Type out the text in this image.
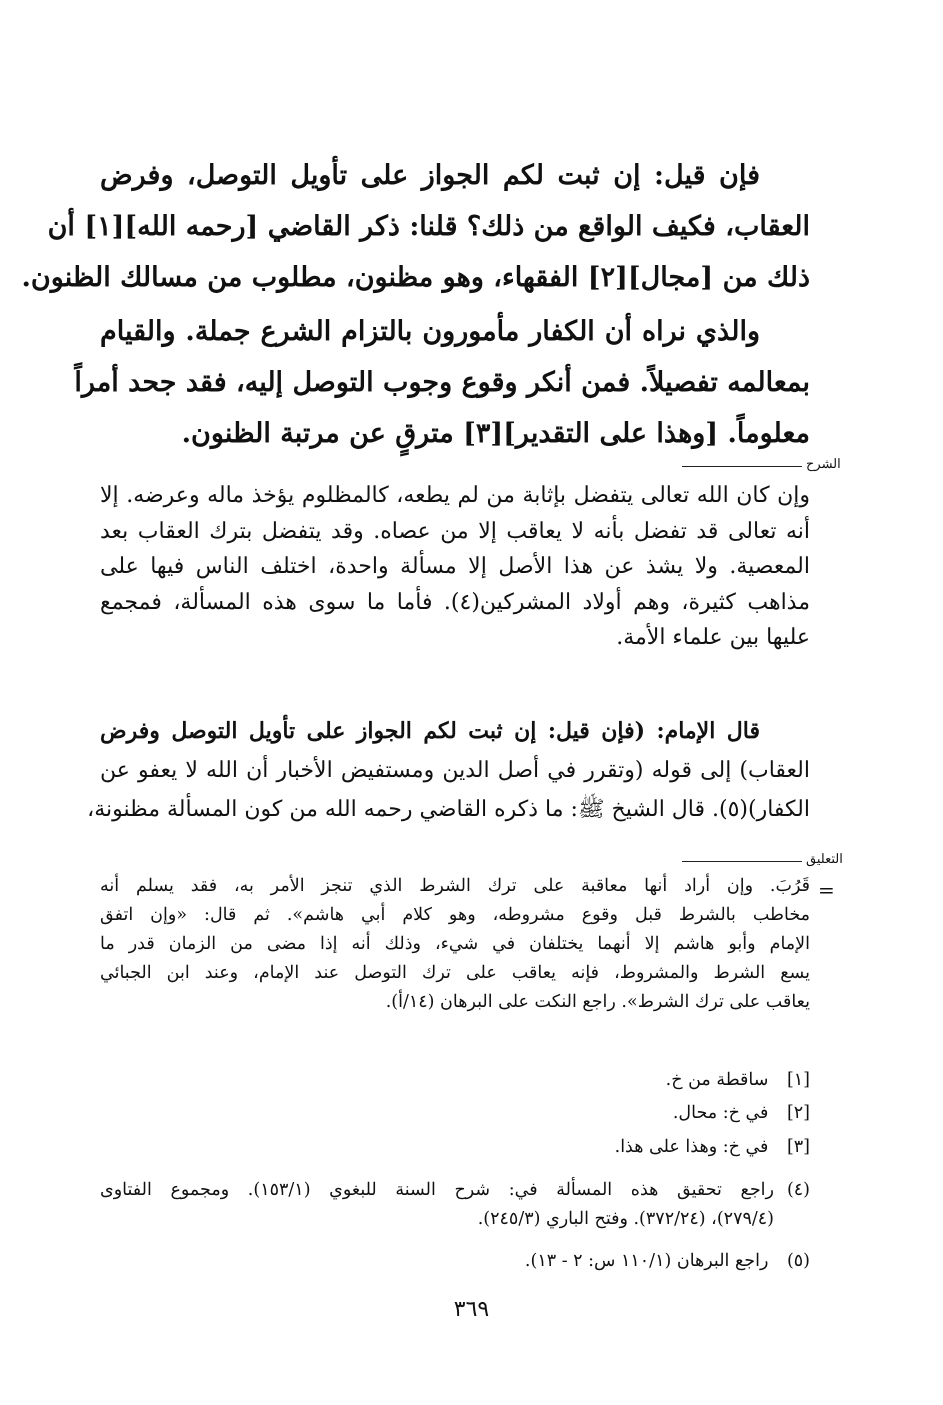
فإن قيل: إن ثبت لكم الجواز على تأويل التوصل، وفرض
العقاب، فكيف الواقع من ذلك؟ قلنا: ذكر القاضي [رحمه الله][١] أن
ذلك من [مجال][٢] الفقهاء، وهو مظنون، مطلوب من مسالك الظنون.
والذي نراه أن الكفار مأمورون بالتزام الشرع جملة. والقيام
بمعالمه تفصيلاً. فمن أنكر وقوع وجوب التوصل إليه، فقد جحد أمراً
معلوماً. [وهذا على التقدير][٣] مترقٍ عن مرتبة الظنون.
الشرح
وإن كان الله تعالى يتفضل بإثابة من لم يطعه، كالمظلوم يؤخذ ماله وعرضه. إلا
أنه تعالى قد تفضل بأنه لا يعاقب إلا من عصاه. وقد يتفضل بترك العقاب بعد
المعصية. ولا يشذ عن هذا الأصل إلا مسألة واحدة، اختلف الناس فيها على
مذاهب كثيرة، وهم أولاد المشركين(٤). فأما ما سوى هذه المسألة، فمجمع
عليها بين علماء الأمة.
قال الإمام: (فإن قيل: إن ثبت لكم الجواز على تأويل التوصل وفرض
العقاب) إلى قوله (وتقرر في أصل الدين ومستفيض الأخبار أن الله لا يعفو عن
الكفار)(٥). قال الشيخ ﷺ: ما ذكره القاضي رحمه الله من كون المسألة مظنونة،
التعليق
=
قَرُبَ. وإن أراد أنها معاقبة على ترك الشرط الذي تنجز الأمر به، فقد يسلم أنه
مخاطب بالشرط قبل وقوع مشروطه، وهو كلام أبي هاشم». ثم قال: «وإن اتفق
الإمام وأبو هاشم إلا أنهما يختلفان في شيء، وذلك أنه إذا مضى من الزمان قدر ما
يسع الشرط والمشروط، فإنه يعاقب على ترك التوصل عند الإمام، وعند ابن الجبائي
يعاقب على ترك الشرط». راجع النكت على البرهان (١٤/أ).
[١] ساقطة من خ.
[٢] في خ: محال.
[٣] في خ: وهذا على هذا.
(٤)راجع تحقيق هذه المسألة في: شرح السنة للبغوي (١٥٣/١). ومجموع الفتاوى
(٢٧٩/٤)، (٣٧٢/٢٤). وفتح الباري (٢٤٥/٣).
(٥) راجع البرهان (١١٠/١ س: ٢ - ١٣).
٣٦٩
